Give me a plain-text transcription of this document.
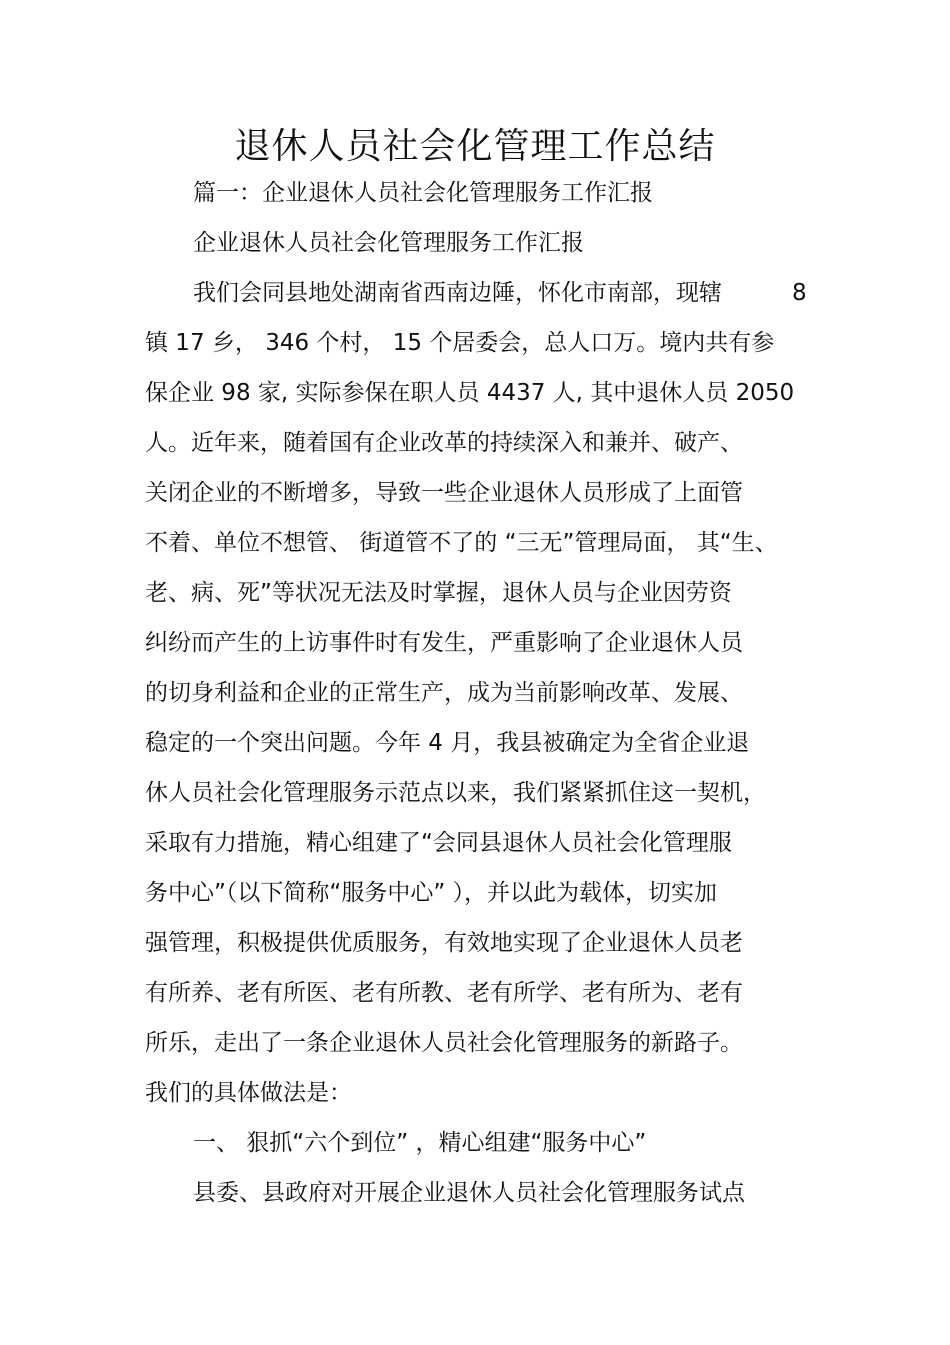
退休人员社会化管理工作总结
篇一：企业退休人员社会化管理服务工作汇报
企业退休人员社会化管理服务工作汇报
我们会同县地处湖南省西南边陲，怀化市南部，现辖	8
镇 17 乡， 346 个村， 15 个居委会，总人口万。境内共有参
保企业 98 家, 实际参保在职人员 4437 人, 其中退休人员 2050
人。近年来，随着国有企业改革的持续深入和兼并、破产、
关闭企业的不断增多，导致一些企业退休人员形成了上面管
不着、单位不想管、 街道管不了的 “三无”管理局面， 其“生、
老、病、死”等状况无法及时掌握，退休人员与企业因劳资
纠纷而产生的上访事件时有发生，严重影响了企业退休人员
的切身利益和企业的正常生产，成为当前影响改革、发展、
稳定的一个突出问题。今年 4 月，我县被确定为全省企业退
休人员社会化管理服务示范点以来，我们紧紧抓住这一契机，
采取有力措施，精心组建了“会同县退休人员社会化管理服
务中心”（以下简称“服务中心” ），并以此为载体，切实加
强管理，积极提供优质服务，有效地实现了企业退休人员老
有所养、老有所医、老有所教、老有所学、老有所为、老有
所乐，走出了一条企业退休人员社会化管理服务的新路子。
我们的具体做法是：
一、 狠抓“六个到位” ，精心组建“服务中心”
县委、县政府对开展企业退休人员社会化管理服务试点
